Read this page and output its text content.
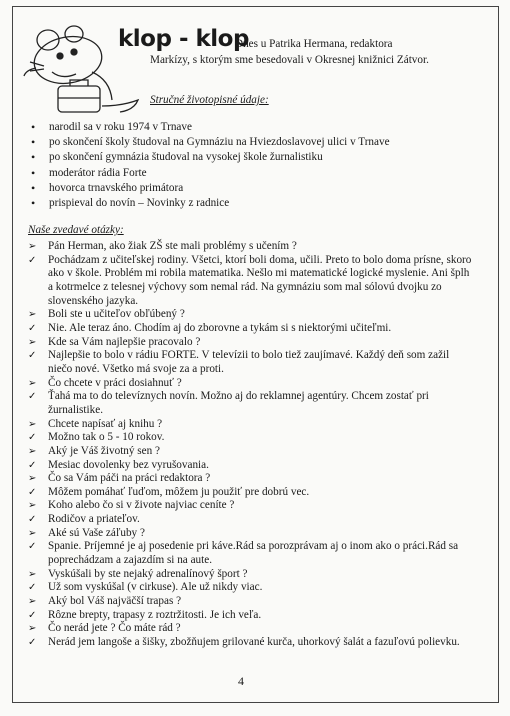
klop - klop
Dnes u Patrika Hermana, redaktora
Markízy, s ktorým sme besedovali v Okresnej knižnici Zátvor.
Stručné životopisné údaje:
• narodil sa v roku 1974 v Trnave
• po skončení školy študoval na Gymnáziu na Hviezdoslavovej ulici v Trnave
• po skončení gymnázia študoval na vysokej škole žurnalistiku
• moderátor rádia Forte
• hovorca trnavského primátora
• prispieval do novín – Novinky z radnice
Naše zvedavé otázky:
➢	Pán Herman, ako žiak ZŠ ste mali problémy s učením ?
✓	Pochádzam z učiteľskej rodiny. Všetci, ktorí boli doma, učili. Preto to bolo doma prísne, skoro ako v škole. Problém mi robila matematika. Nešlo mi matematické logické myslenie. Ani šplh a kotrmelce z telesnej výchovy som nemal rád. Na gymnáziu som mal sólovú dvojku zo slovenského jazyka.
➢	Boli ste u učiteľov obľúbený ?
✓	Nie. Ale teraz áno. Chodím aj do zborovne a tykám si s niektorými učiteľmi.
➢	Kde sa Vám najlepšie pracovalo ?
✓	Najlepšie to bolo v rádiu FORTE. V televízii to bolo tiež zaujímavé. Každý deň som zažil niečo nové. Všetko má svoje za a proti.
➢	Čo chcete v práci dosiahnuť ?
✓	Ťahá ma to do televíznych novín. Možno aj do reklamnej agentúry. Chcem zostať pri žurnalistike.
➢	Chcete napísať aj knihu ?
✓	Možno tak o 5 - 10 rokov.
➢	Aký je Váš životný sen ?
✓	Mesiac dovolenky bez vyrušovania.
➢	Čo sa Vám páči na práci redaktora ?
✓	Môžem pomáhať ľuďom, môžem ju použiť pre dobrú vec.
➢	Koho alebo čo si v živote najviac ceníte ?
✓	Rodičov a priateľov.
➢	Aké sú Vaše záľuby ?
✓	Spanie. Príjemné je aj posedenie pri káve.Rád sa porozprávam aj o inom ako o práci.Rád sa poprechádzam a zajazdím si na aute.
➢	Vyskúšali by ste nejaký adrenalínový šport ?
✓	Už som vyskúšal (v cirkuse). Ale už nikdy viac.
➢	Aký bol Váš najväčší trapas ?
✓	Rôzne brepty, trapasy z roztržitosti. Je ich veľa.
➢	Čo nerád jete ? Čo máte rád ?
✓	Nerád jem langoše a šišky, zbožňujem grilované kurča, uhorkový šalát a fazuľovú polievku.
4
